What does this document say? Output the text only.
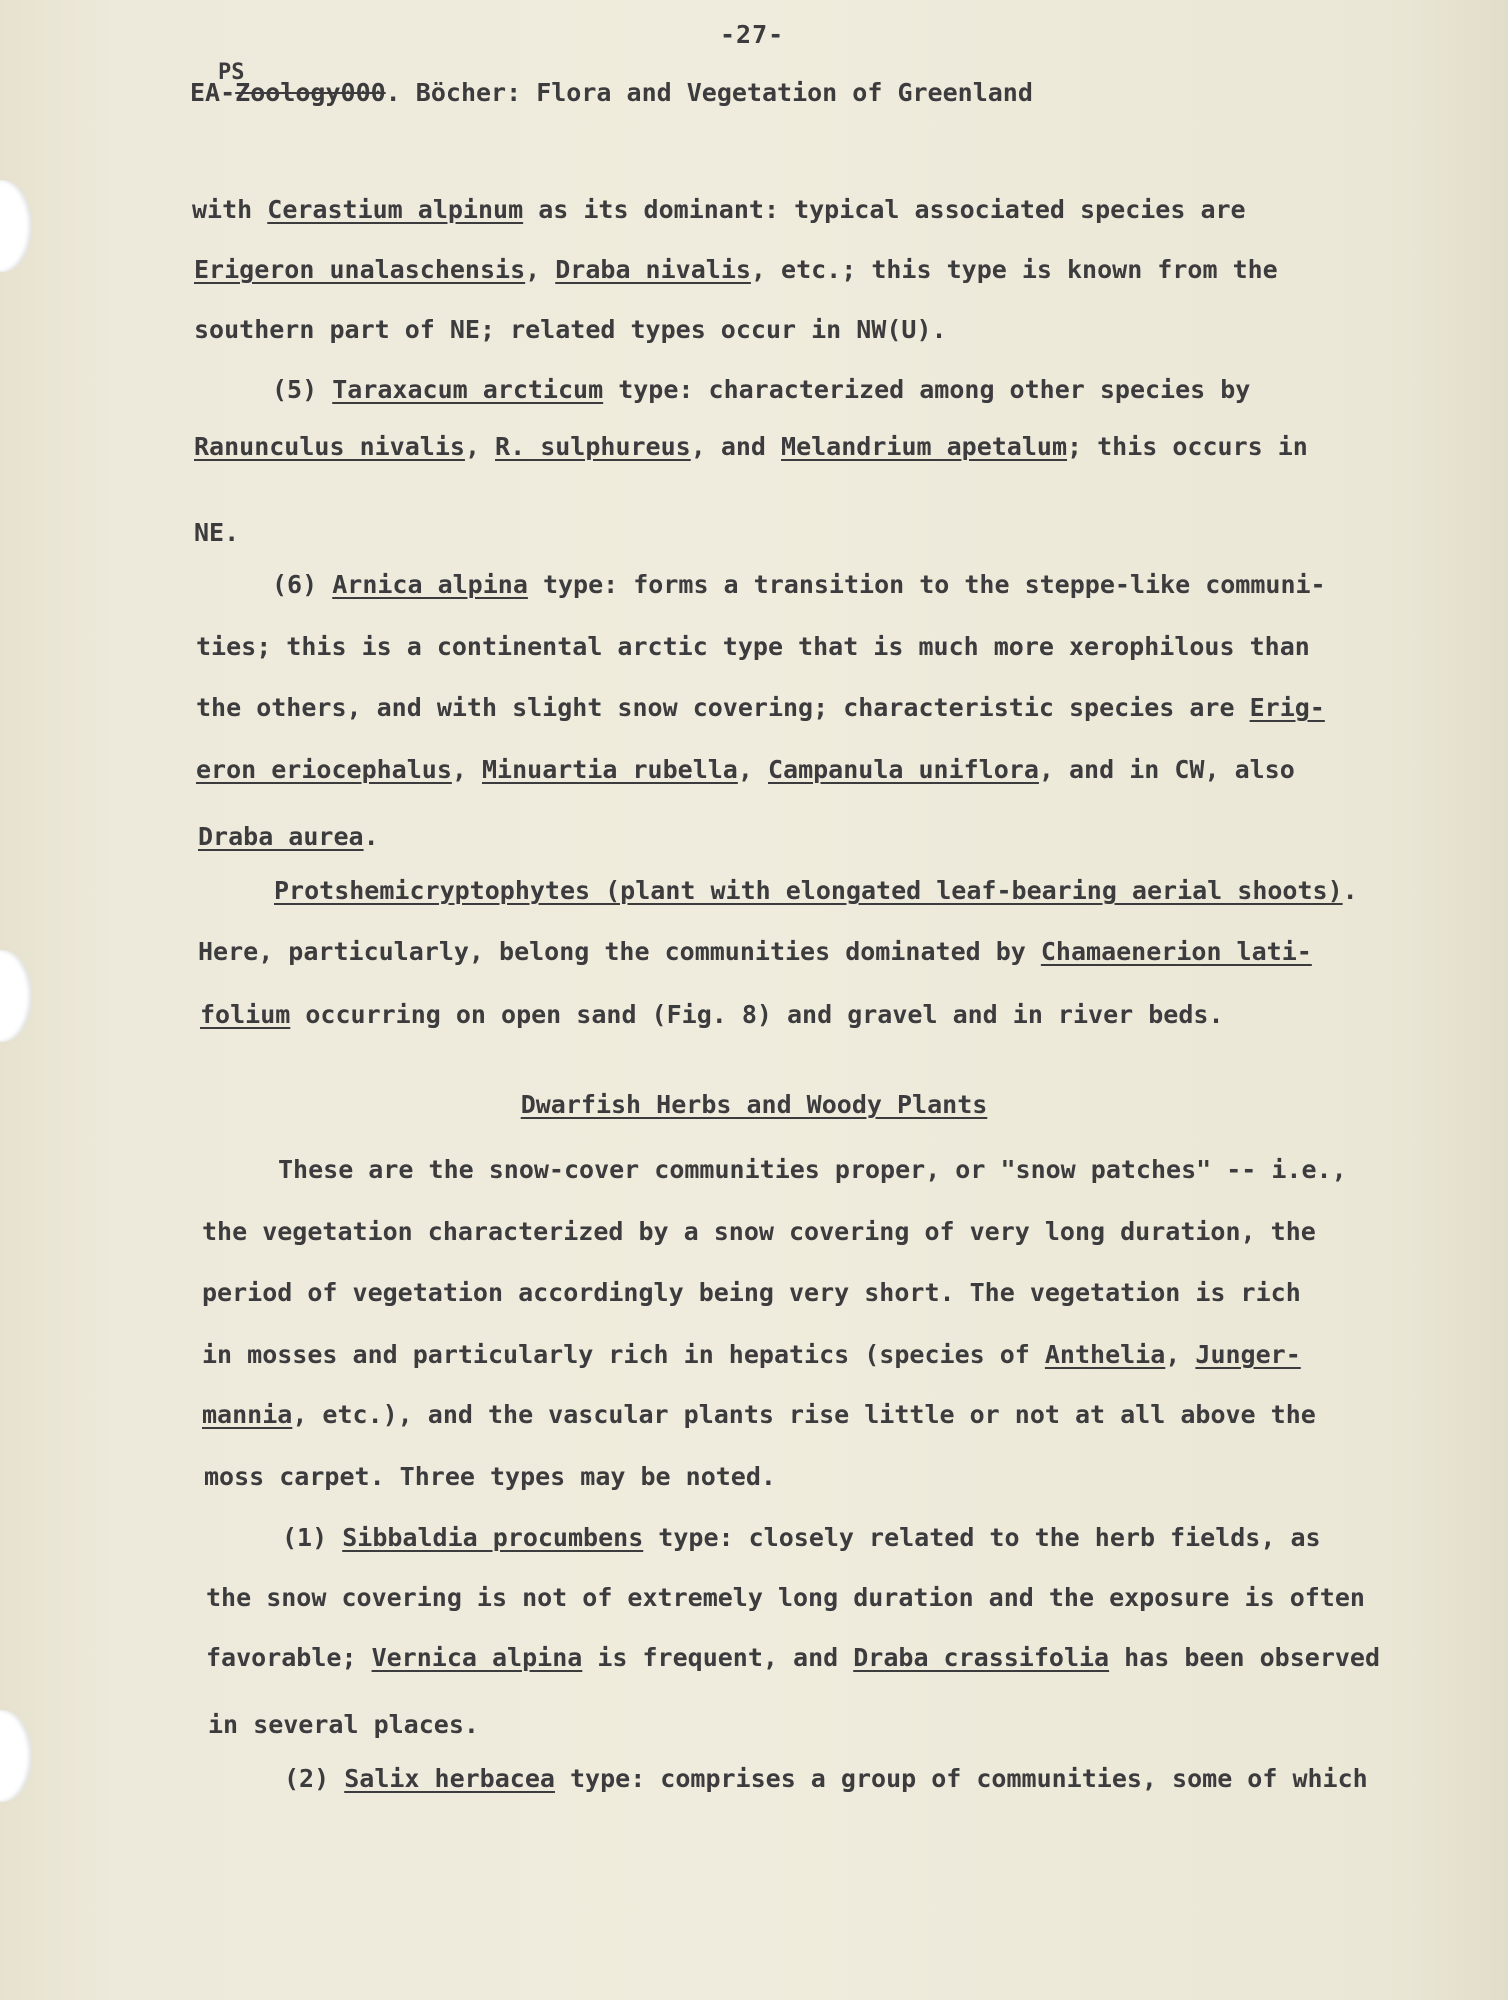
-27-
PS
EA-Zoology000. Böcher: Flora and Vegetation of Greenland
with Cerastium alpinum as its dominant: typical associated species are
Erigeron unalaschensis, Draba nivalis, etc.; this type is known from the
southern part of NE; related types occur in NW(U).
(5) Taraxacum arcticum type: characterized among other species by
Ranunculus nivalis, R. sulphureus, and Melandrium apetalum; this occurs in
NE.
(6) Arnica alpina type: forms a transition to the steppe-like communi-
ties; this is a continental arctic type that is much more xerophilous than
the others, and with slight snow covering; characteristic species are Erig-
eron eriocephalus, Minuartia rubella, Campanula uniflora, and in CW, also
Draba aurea.
Protshemicryptophytes (plant with elongated leaf-bearing aerial shoots).
Here, particularly, belong the communities dominated by Chamaenerion lati-
folium occurring on open sand (Fig. 8) and gravel and in river beds.
Dwarfish Herbs and Woody Plants
These are the snow-cover communities proper, or "snow patches" -- i.e.,
the vegetation characterized by a snow covering of very long duration, the
period of vegetation accordingly being very short. The vegetation is rich
in mosses and particularly rich in hepatics (species of Anthelia, Junger-
mannia, etc.), and the vascular plants rise little or not at all above the
moss carpet. Three types may be noted.
(1) Sibbaldia procumbens type: closely related to the herb fields, as
the snow covering is not of extremely long duration and the exposure is often
favorable; Vernica alpina is frequent, and Draba crassifolia has been observed
in several places.
(2) Salix herbacea type: comprises a group of communities, some of which
